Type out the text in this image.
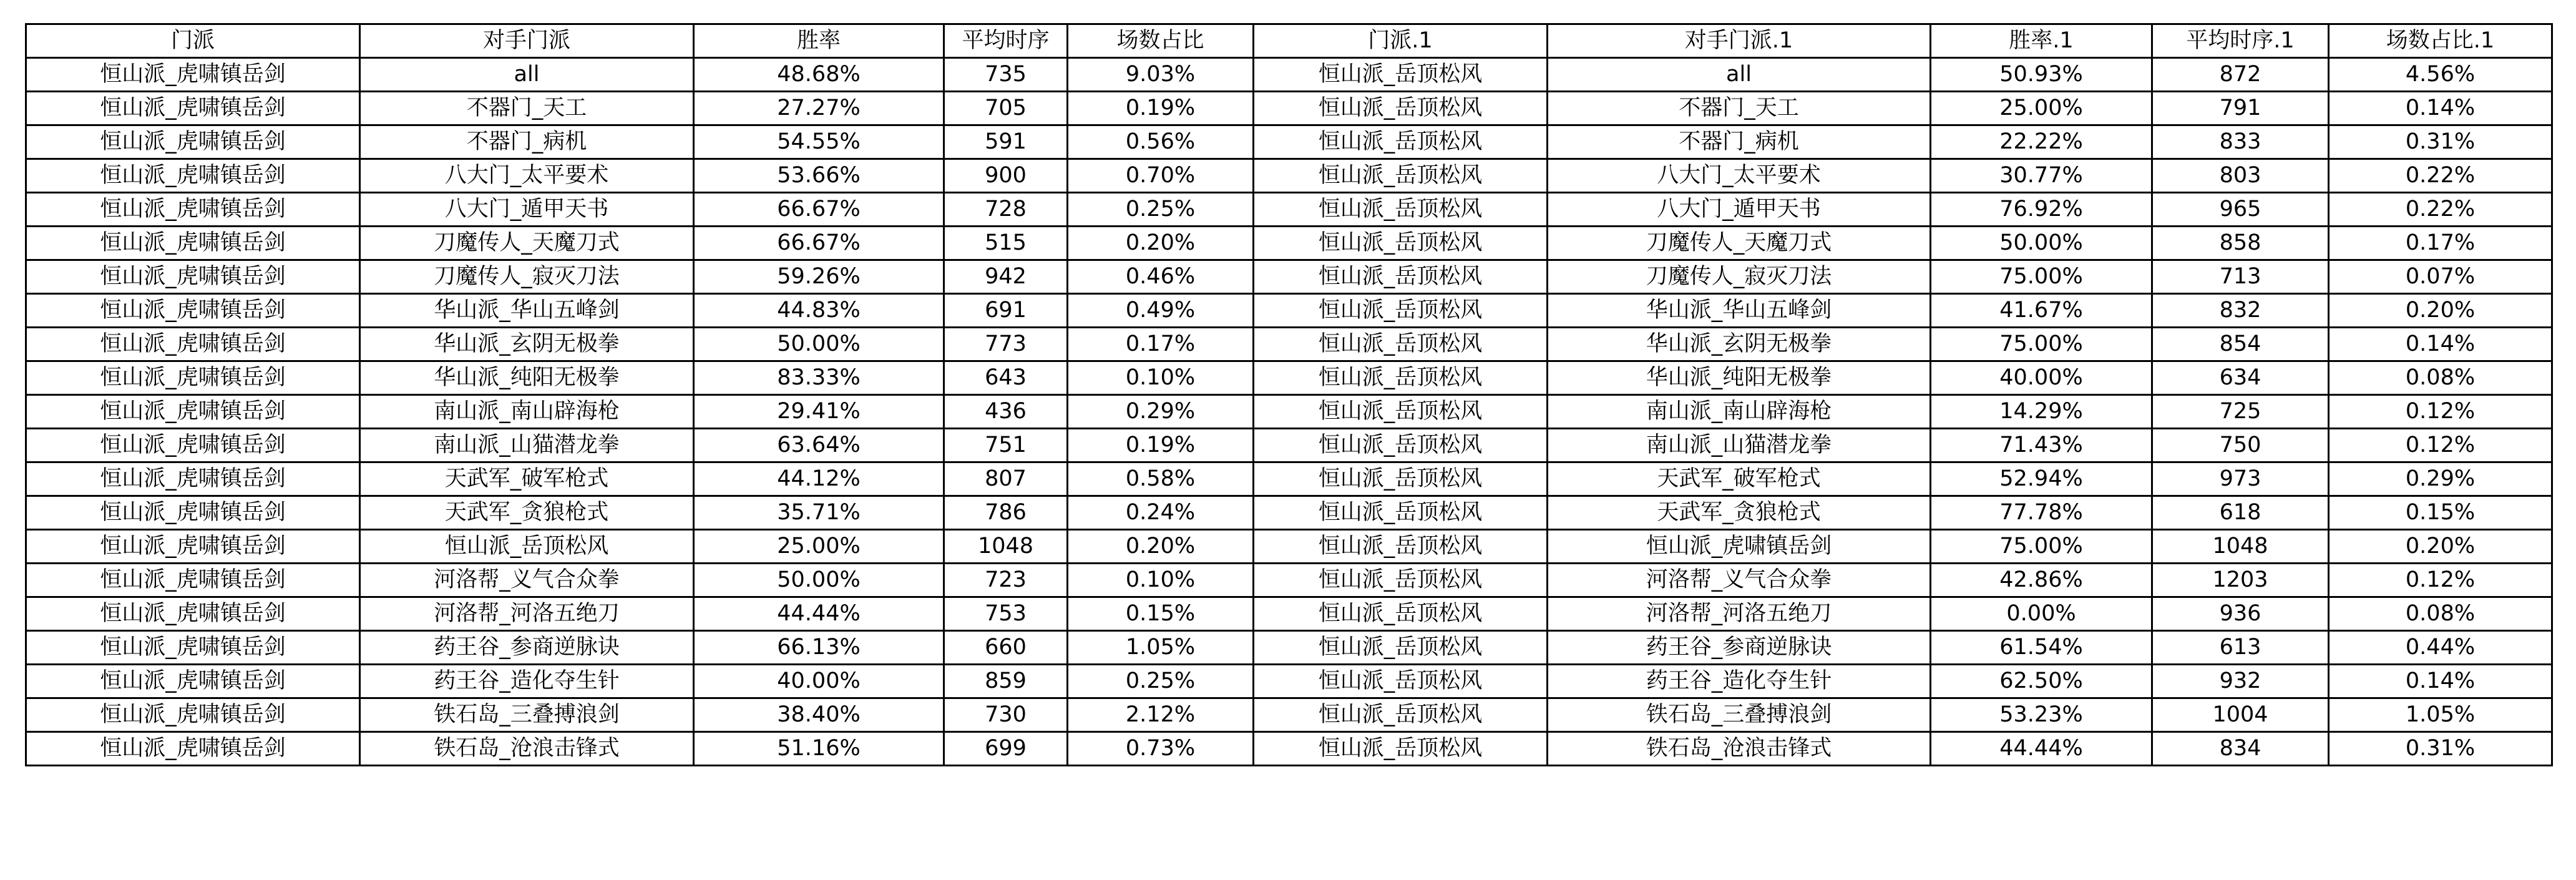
门派	对手门派	胜率	平均时序	场数占比	门派.1	对手门派.1	胜率.1	平均时序.1	场数占比.1
恒山派_虎啸镇岳剑	all	48.68%	735	9.03%	恒山派_岳顶松风	all	50.93%	872	4.56%
恒山派_虎啸镇岳剑	不器门_天工	27.27%	705	0.19%	恒山派_岳顶松风	不器门_天工	25.00%	791	0.14%
恒山派_虎啸镇岳剑	不器门_病机	54.55%	591	0.56%	恒山派_岳顶松风	不器门_病机	22.22%	833	0.31%
恒山派_虎啸镇岳剑	八大门_太平要术	53.66%	900	0.70%	恒山派_岳顶松风	八大门_太平要术	30.77%	803	0.22%
恒山派_虎啸镇岳剑	八大门_遁甲天书	66.67%	728	0.25%	恒山派_岳顶松风	八大门_遁甲天书	76.92%	965	0.22%
恒山派_虎啸镇岳剑	刀魔传人_天魔刀式	66.67%	515	0.20%	恒山派_岳顶松风	刀魔传人_天魔刀式	50.00%	858	0.17%
恒山派_虎啸镇岳剑	刀魔传人_寂灭刀法	59.26%	942	0.46%	恒山派_岳顶松风	刀魔传人_寂灭刀法	75.00%	713	0.07%
恒山派_虎啸镇岳剑	华山派_华山五峰剑	44.83%	691	0.49%	恒山派_岳顶松风	华山派_华山五峰剑	41.67%	832	0.20%
恒山派_虎啸镇岳剑	华山派_玄阴无极拳	50.00%	773	0.17%	恒山派_岳顶松风	华山派_玄阴无极拳	75.00%	854	0.14%
恒山派_虎啸镇岳剑	华山派_纯阳无极拳	83.33%	643	0.10%	恒山派_岳顶松风	华山派_纯阳无极拳	40.00%	634	0.08%
恒山派_虎啸镇岳剑	南山派_南山辟海枪	29.41%	436	0.29%	恒山派_岳顶松风	南山派_南山辟海枪	14.29%	725	0.12%
恒山派_虎啸镇岳剑	南山派_山猫潜龙拳	63.64%	751	0.19%	恒山派_岳顶松风	南山派_山猫潜龙拳	71.43%	750	0.12%
恒山派_虎啸镇岳剑	天武军_破军枪式	44.12%	807	0.58%	恒山派_岳顶松风	天武军_破军枪式	52.94%	973	0.29%
恒山派_虎啸镇岳剑	天武军_贪狼枪式	35.71%	786	0.24%	恒山派_岳顶松风	天武军_贪狼枪式	77.78%	618	0.15%
恒山派_虎啸镇岳剑	恒山派_岳顶松风	25.00%	1048	0.20%	恒山派_岳顶松风	恒山派_虎啸镇岳剑	75.00%	1048	0.20%
恒山派_虎啸镇岳剑	河洛帮_义气合众拳	50.00%	723	0.10%	恒山派_岳顶松风	河洛帮_义气合众拳	42.86%	1203	0.12%
恒山派_虎啸镇岳剑	河洛帮_河洛五绝刀	44.44%	753	0.15%	恒山派_岳顶松风	河洛帮_河洛五绝刀	0.00%	936	0.08%
恒山派_虎啸镇岳剑	药王谷_参商逆脉诀	66.13%	660	1.05%	恒山派_岳顶松风	药王谷_参商逆脉诀	61.54%	613	0.44%
恒山派_虎啸镇岳剑	药王谷_造化夺生针	40.00%	859	0.25%	恒山派_岳顶松风	药王谷_造化夺生针	62.50%	932	0.14%
恒山派_虎啸镇岳剑	铁石岛_三叠搏浪剑	38.40%	730	2.12%	恒山派_岳顶松风	铁石岛_三叠搏浪剑	53.23%	1004	1.05%
恒山派_虎啸镇岳剑	铁石岛_沧浪击锋式	51.16%	699	0.73%	恒山派_岳顶松风	铁石岛_沧浪击锋式	44.44%	834	0.31%
